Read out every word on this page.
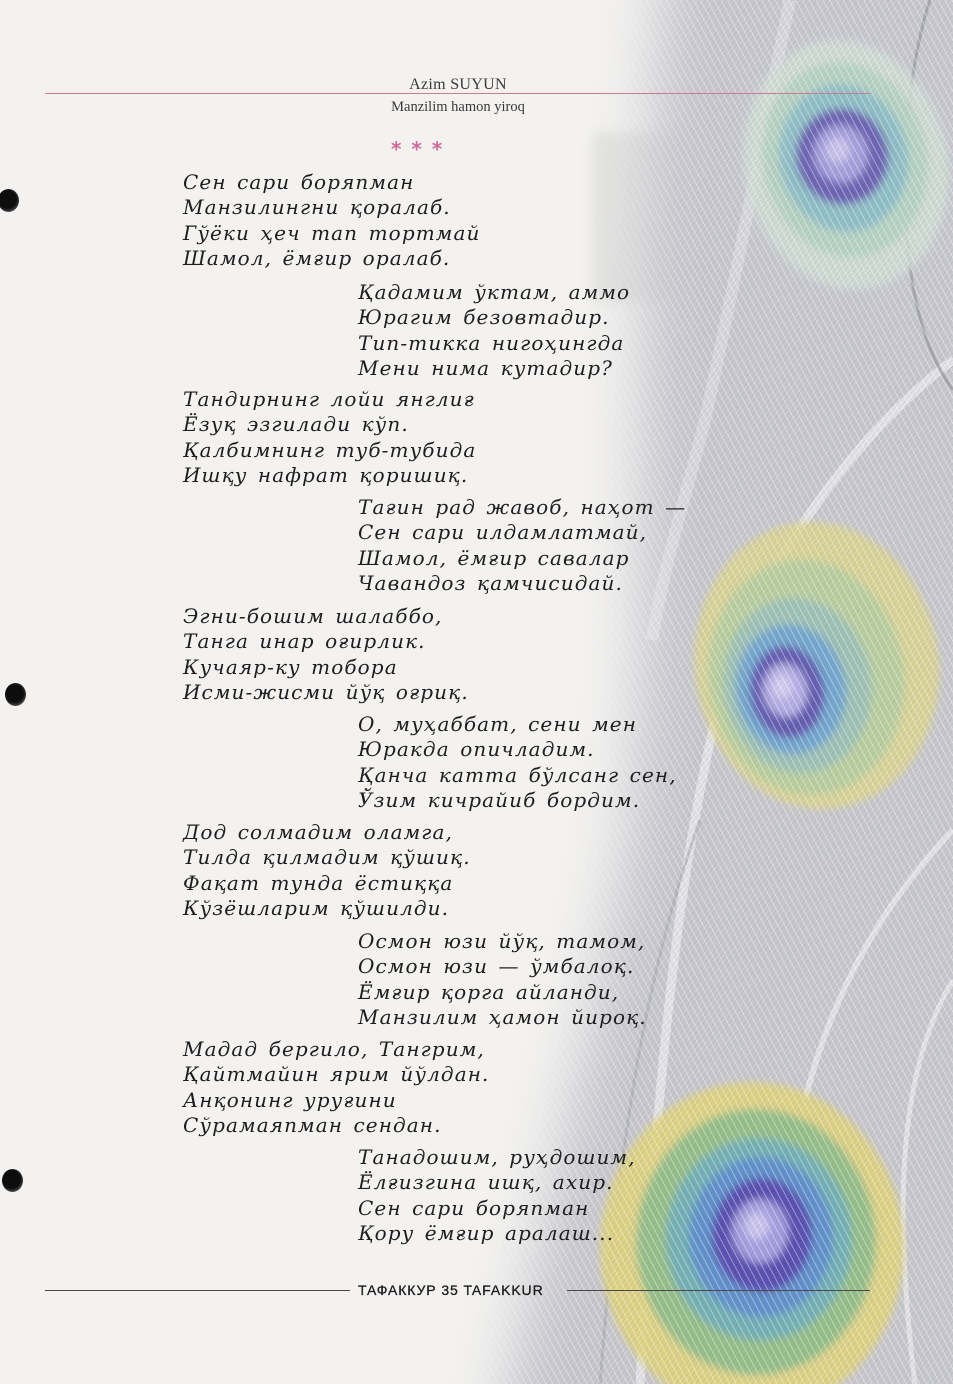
Azim SUYUN
Manzilim hamon yiroq
* * *
Сен сари боряпман
Манзилингни қоралаб.
Гўёки ҳеч тап тортмай
Шамол, ёмғир оралаб.
Қадамим ўктам, аммо
Юрагим безовтадир.
Тип-тикка нигоҳингда
Мени нима кутадир?
Тандирнинг лойи янглиғ
Ёзуқ эзгилади кўп.
Қалбимнинг туб-тубида
Ишқу нафрат қоришиқ.
Тағин рад жавоб, наҳот —
Сен сари илдамлатмай,
Шамол, ёмғир савалар
Чавандоз қамчисидай.
Эгни-бошим шалаббо,
Танга инар оғирлик.
Кучаяр-ку тобора
Исми-жисми йўқ оғриқ.
О, муҳаббат, сени мен
Юракда опичладим.
Қанча катта бўлсанг сен,
Ўзим кичрайиб бордим.
Дод солмадим оламга,
Тилда қилмадим қўшиқ.
Фақат тунда ёстиққа
Кўзёшларим қўшилди.
Осмон юзи йўқ, тамом,
Осмон юзи — ўмбалоқ.
Ёмғир қорга айланди,
Манзилим ҳамон йироқ.
Мадад бергило, Тангрим,
Қайтмайин ярим йўлдан.
Анқонинг уруғини
Сўрамаяпман сендан.
Танадошим, руҳдошим,
Ёлғизгина ишқ, ахир.
Сен сари боряпман
Қору ёмғир аралаш...
ТАФАККУР 35 TAFAKKUR
